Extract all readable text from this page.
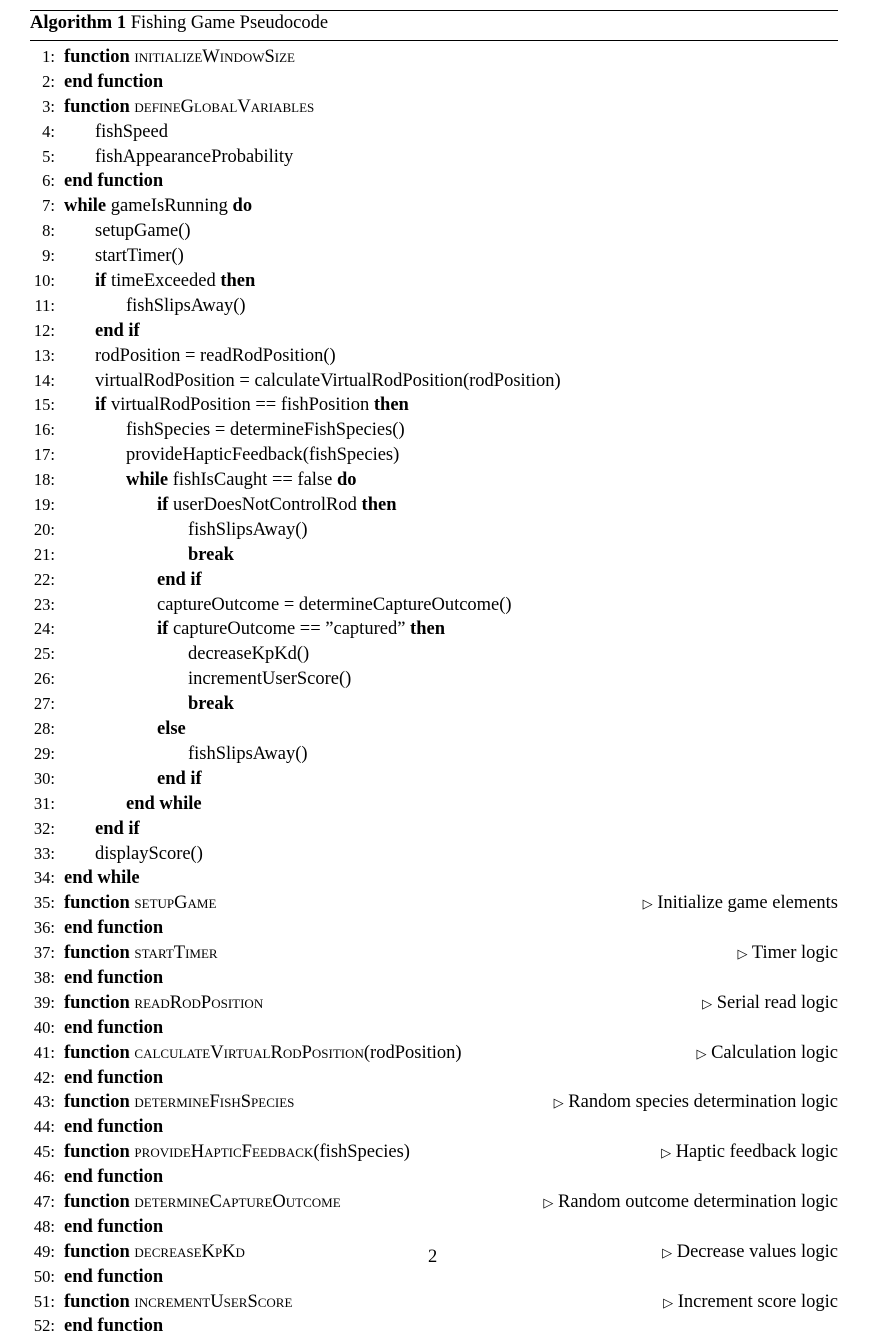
Algorithm 1 Fishing Game Pseudocode
1: function initializeWindowSize
2: end function
3: function defineGlobalVariables
4:	fishSpeed
5:	fishAppearanceProbability
6: end function
7: while gameIsRunning do
8:	setupGame()
9:	startTimer()
10:	if timeExceeded then
11:	fishSlipsAway()
12:	end if
13:	rodPosition = readRodPosition()
14:	virtualRodPosition = calculateVirtualRodPosition(rodPosition)
15:	if virtualRodPosition == fishPosition then
16:	fishSpecies = determineFishSpecies()
17:	provideHapticFeedback(fishSpecies)
18:	while fishIsCaught == false do
19:	if userDoesNotControlRod then
20:	fishSlipsAway()
21:	break
22:	end if
23:	captureOutcome = determineCaptureOutcome()
24:	if captureOutcome == ”captured” then
25:	decreaseKpKd()
26:	incrementUserScore()
27:	break
28:	else
29:	fishSlipsAway()
30:	end if
31:	end while
32:	end if
33:	displayScore()
34: end while
35: function setupGame	▷ Initialize game elements
36: end function
37: function startTimer	▷ Timer logic
38: end function
39: function readRodPosition	▷ Serial read logic
40: end function
41: function calculateVirtualRodPosition(rodPosition)	▷ Calculation logic
42: end function
43: function determineFishSpecies	▷ Random species determination logic
44: end function
45: function provideHapticFeedback(fishSpecies)	▷ Haptic feedback logic
46: end function
47: function determineCaptureOutcome	▷ Random outcome determination logic
48: end function
49: function decreaseKpKd	▷ Decrease values logic
50: end function
51: function incrementUserScore	▷ Increment score logic
52: end function
2
